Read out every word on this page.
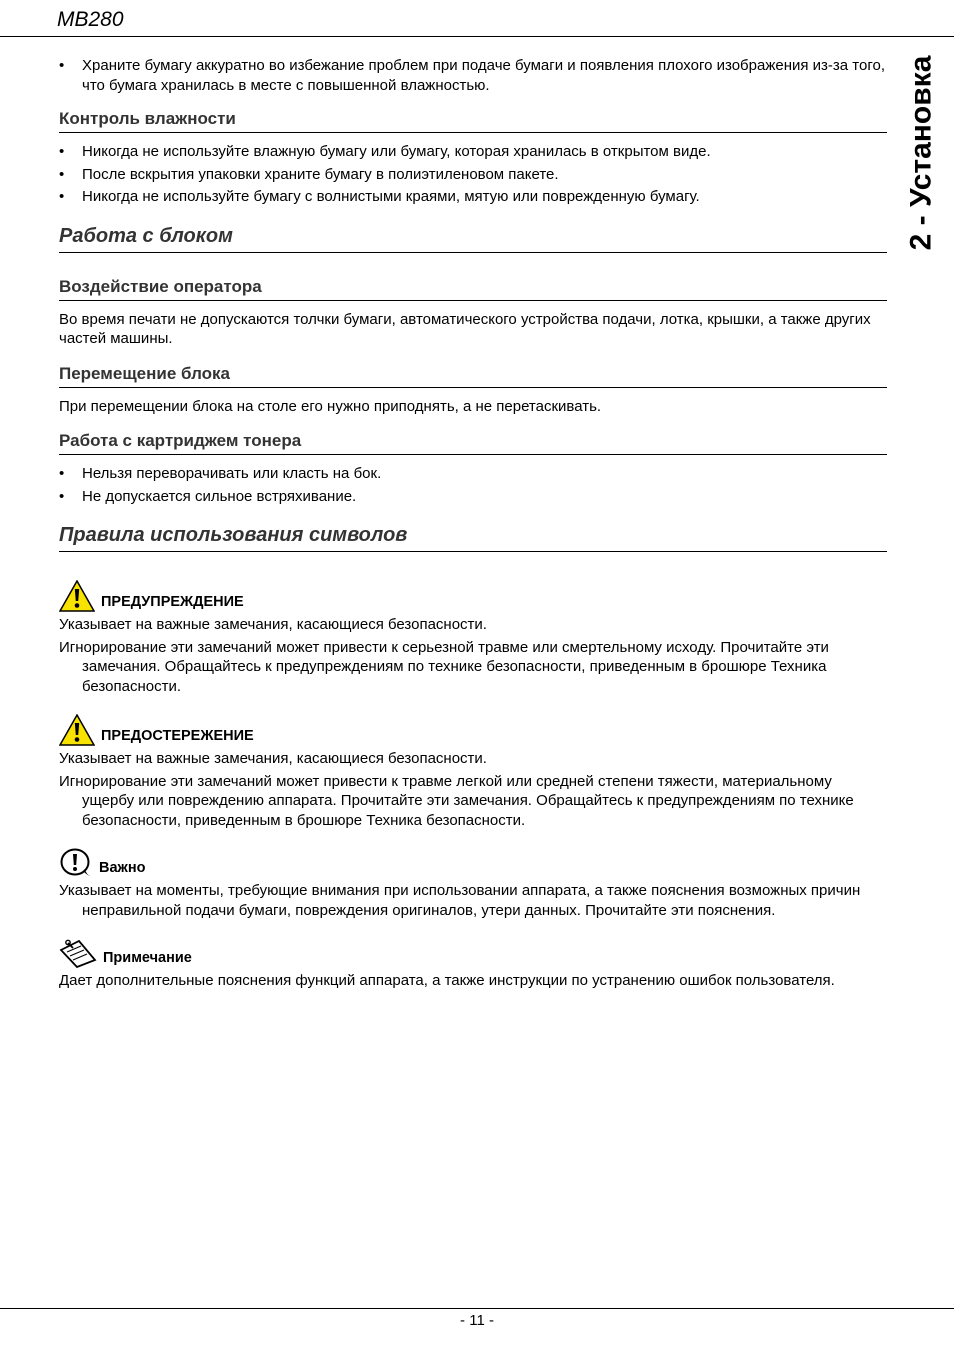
MB280
2 - Установка
• Храните бумагу аккуратно во избежание проблем при подаче бумаги и появления плохого изображения из-за того, что бумага хранилась в месте с повышенной влажностью.
Контроль влажности
• Никогда не используйте влажную бумагу или бумагу, которая хранилась в открытом виде.
• После вскрытия упаковки храните бумагу в полиэтиленовом пакете.
• Никогда не используйте бумагу с волнистыми краями, мятую или поврежденную бумагу.
Работа с блоком
Воздействие оператора

Во время печати не допускаются толчки бумаги, автоматического устройства подачи, лотка, крышки, а также других частей машины.

Перемещение блока

При перемещении блока на столе его нужно приподнять, а не перетаскивать.

Работа с картриджем тонера
• Нельзя переворачивать или класть на бок.
• Не допускается сильное встряхивание.
Правила использования символов
ПРЕДУПРЕЖДЕНИЕ

Указывает на важные замечания, касающиеся безопасности.

Игнорирование эти замечаний может привести к серьезной травме или смертельному исходу. Прочитайте эти замечания. Обращайтесь к предупреждениям по технике безопасности, приведенным в брошюре Техника безопасности.

ПРЕДОСТЕРЕЖЕНИЕ

Указывает на важные замечания, касающиеся безопасности.

Игнорирование эти замечаний может привести к травме легкой или средней степени тяжести, материальному ущербу или повреждению аппарата. Прочитайте эти замечания. Обращайтесь к предупреждениям по технике безопасности, приведенным в брошюре Техника безопасности.

Важно

Указывает на моменты, требующие внимания при использовании аппарата, а также пояснения возможных причин неправильной подачи бумаги, повреждения оригиналов, утери данных. Прочитайте эти пояснения.

Примечание

Дает дополнительные пояснения функций аппарата, а также инструкции по устранению ошибок пользователя.

- 11 -
